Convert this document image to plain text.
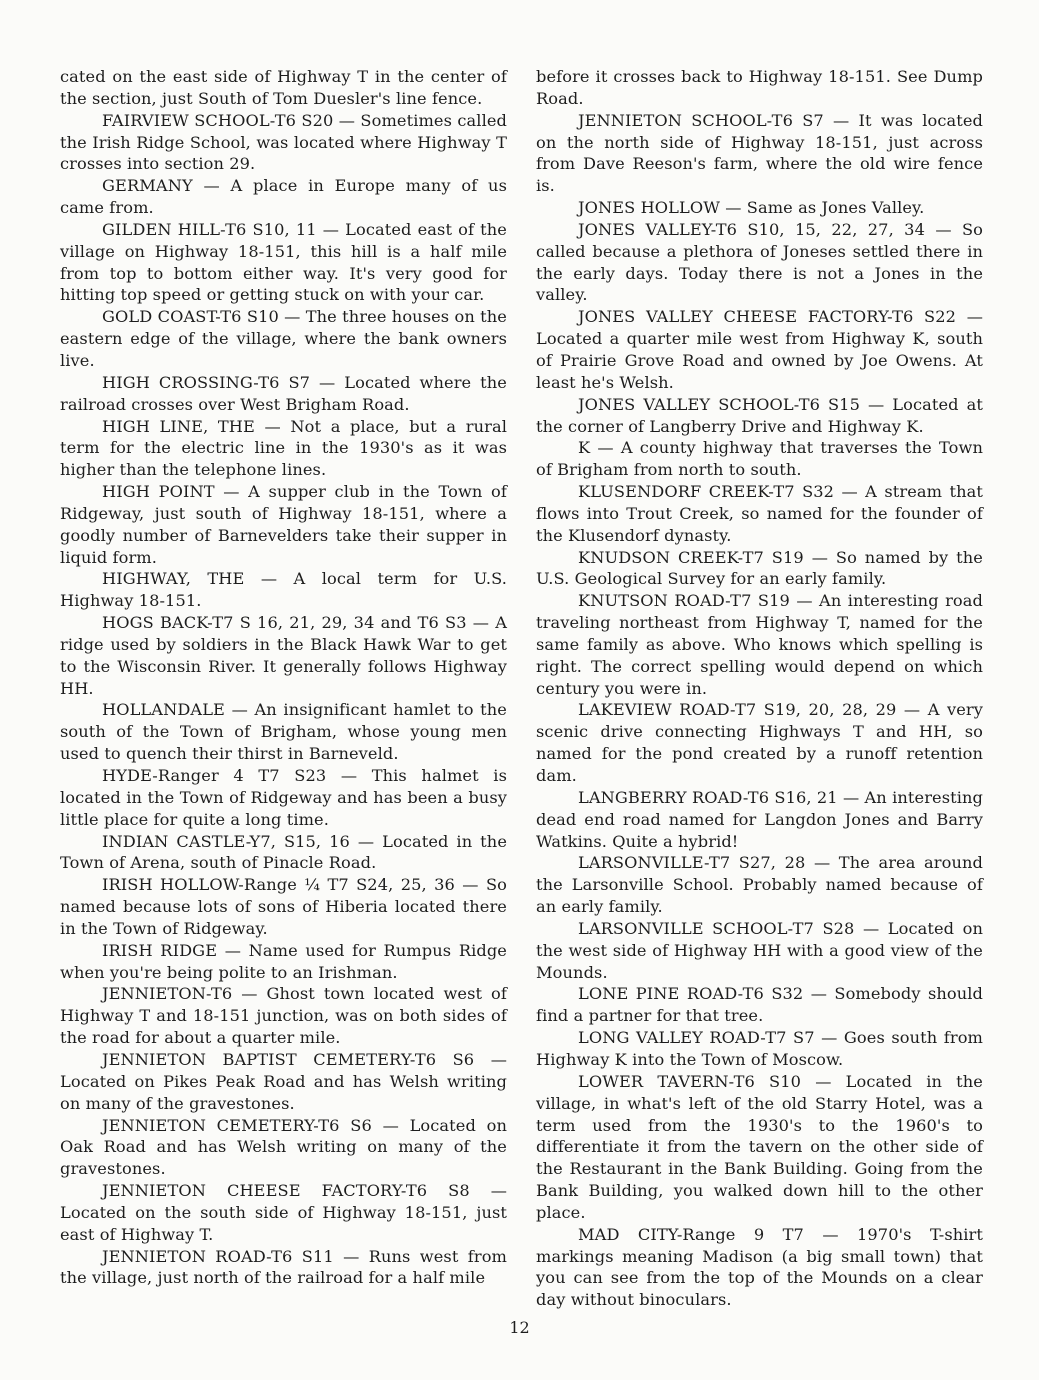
cated on the east side of Highway T in the center of the section, just South of Tom Duesler's line fence.

FAIRVIEW SCHOOL-T6 S20 — Sometimes called the Irish Ridge School, was located where Highway T crosses into section 29.

GERMANY — A place in Europe many of us came from.

GILDEN HILL-T6 S10, 11 — Located east of the village on Highway 18-151, this hill is a half mile from top to bottom either way. It's very good for hitting top speed or getting stuck on with your car.

GOLD COAST-T6 S10 — The three houses on the eastern edge of the village, where the bank owners live.

HIGH CROSSING-T6 S7 — Located where the railroad crosses over West Brigham Road.

HIGH LINE, THE — Not a place, but a rural term for the electric line in the 1930's as it was higher than the telephone lines.

HIGH POINT — A supper club in the Town of Ridgeway, just south of Highway 18-151, where a goodly number of Barnevelders take their supper in liquid form.

HIGHWAY, THE — A local term for U.S. Highway 18-151.

HOGS BACK-T7 S 16, 21, 29, 34 and T6 S3 — A ridge used by soldiers in the Black Hawk War to get to the Wisconsin River. It generally follows Highway HH.

HOLLANDALE — An insignificant hamlet to the south of the Town of Brigham, whose young men used to quench their thirst in Barneveld.

HYDE-Ranger 4 T7 S23 — This halmet is located in the Town of Ridgeway and has been a busy little place for quite a long time.

INDIAN CASTLE-Y7, S15, 16 — Located in the Town of Arena, south of Pinacle Road.

IRISH HOLLOW-Range ¼ T7 S24, 25, 36 — So named because lots of sons of Hiberia located there in the Town of Ridgeway.

IRISH RIDGE — Name used for Rumpus Ridge when you're being polite to an Irishman.

JENNIETON-T6 — Ghost town located west of Highway T and 18-151 junction, was on both sides of the road for about a quarter mile.

JENNIETON BAPTIST CEMETERY-T6 S6 — Located on Pikes Peak Road and has Welsh writing on many of the gravestones.

JENNIETON CEMETERY-T6 S6 — Located on Oak Road and has Welsh writing on many of the gravestones.

JENNIETON CHEESE FACTORY-T6 S8 — Located on the south side of Highway 18-151, just east of Highway T.

JENNIETON ROAD-T6 S11 — Runs west from the village, just north of the railroad for a half mile

before it crosses back to Highway 18-151. See Dump Road.

JENNIETON SCHOOL-T6 S7 — It was located on the north side of Highway 18-151, just across from Dave Reeson's farm, where the old wire fence is.

JONES HOLLOW — Same as Jones Valley.

JONES VALLEY-T6 S10, 15, 22, 27, 34 — So called because a plethora of Joneses settled there in the early days. Today there is not a Jones in the valley.

JONES VALLEY CHEESE FACTORY-T6 S22 — Located a quarter mile west from Highway K, south of Prairie Grove Road and owned by Joe Owens. At least he's Welsh.

JONES VALLEY SCHOOL-T6 S15 — Located at the corner of Langberry Drive and Highway K.

K — A county highway that traverses the Town of Brigham from north to south.

KLUSENDORF CREEK-T7 S32 — A stream that flows into Trout Creek, so named for the founder of the Klusendorf dynasty.

KNUDSON CREEK-T7 S19 — So named by the U.S. Geological Survey for an early family.

KNUTSON ROAD-T7 S19 — An interesting road traveling northeast from Highway T, named for the same family as above. Who knows which spelling is right. The correct spelling would depend on which century you were in.

LAKEVIEW ROAD-T7 S19, 20, 28, 29 — A very scenic drive connecting Highways T and HH, so named for the pond created by a runoff retention dam.

LANGBERRY ROAD-T6 S16, 21 — An interesting dead end road named for Langdon Jones and Barry Watkins. Quite a hybrid!

LARSONVILLE-T7 S27, 28 — The area around the Larsonville School. Probably named because of an early family.

LARSONVILLE SCHOOL-T7 S28 — Located on the west side of Highway HH with a good view of the Mounds.

LONE PINE ROAD-T6 S32 — Somebody should find a partner for that tree.

LONG VALLEY ROAD-T7 S7 — Goes south from Highway K into the Town of Moscow.

LOWER TAVERN-T6 S10 — Located in the village, in what's left of the old Starry Hotel, was a term used from the 1930's to the 1960's to differentiate it from the tavern on the other side of the Restaurant in the Bank Building. Going from the Bank Building, you walked down hill to the other place.

MAD CITY-Range 9 T7 — 1970's T-shirt markings meaning Madison (a big small town) that you can see from the top of the Mounds on a clear day without binoculars.

12
